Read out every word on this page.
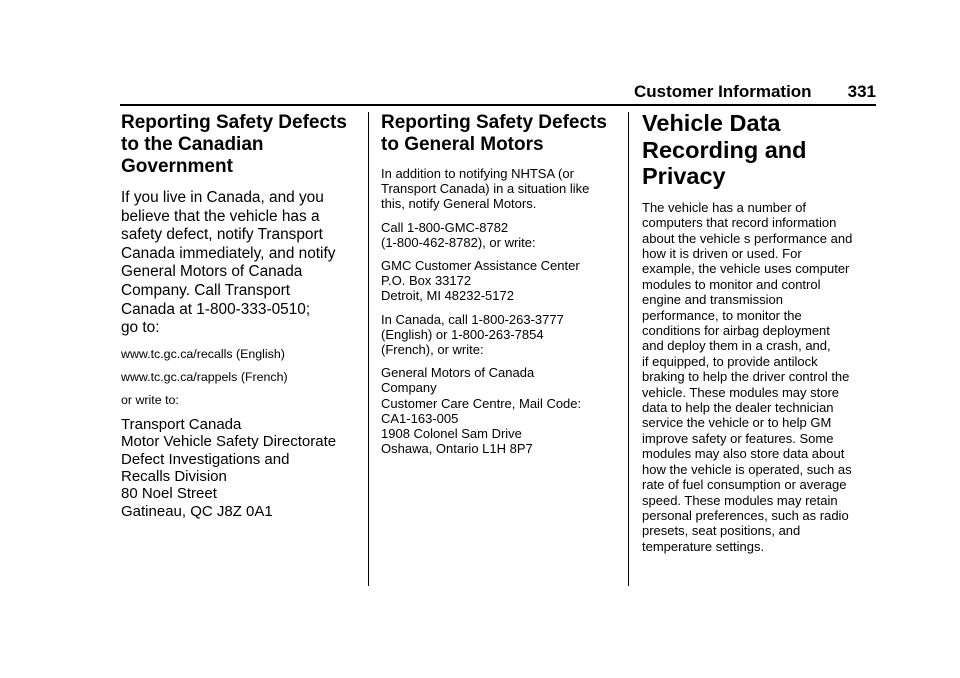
Customer Information 331
Reporting Safety Defects
to the Canadian
Government

If you live in Canada, and you
believe that the vehicle has a
safety defect, notify Transport
Canada immediately, and notify
General Motors of Canada
Company. Call Transport
Canada at 1-800-333-0510;
go to:

www.tc.gc.ca/recalls (English)

www.tc.gc.ca/rappels (French)

or write to:

Transport Canada
Motor Vehicle Safety Directorate
Defect Investigations and
Recalls Division
80 Noel Street
Gatineau, QC J8Z 0A1

Reporting Safety Defects
to General Motors

In addition to notifying NHTSA (or
Transport Canada) in a situation like
this, notify General Motors.

Call 1-800-GMC-8782
(1-800-462-8782), or write:

GMC Customer Assistance Center
P.O. Box 33172
Detroit, MI 48232-5172

In Canada, call 1-800-263-3777
(English) or 1-800-263-7854
(French), or write:

General Motors of Canada
Company
Customer Care Centre, Mail Code:
CA1-163-005
1908 Colonel Sam Drive
Oshawa, Ontario L1H 8P7

Vehicle Data
Recording and
Privacy

The vehicle has a number of
computers that record information
about the vehicle s performance and
how it is driven or used. For
example, the vehicle uses computer
modules to monitor and control
engine and transmission
performance, to monitor the
conditions for airbag deployment
and deploy them in a crash, and,
if equipped, to provide antilock
braking to help the driver control the
vehicle. These modules may store
data to help the dealer technician
service the vehicle or to help GM
improve safety or features. Some
modules may also store data about
how the vehicle is operated, such as
rate of fuel consumption or average
speed. These modules may retain
personal preferences, such as radio
presets, seat positions, and
temperature settings.
